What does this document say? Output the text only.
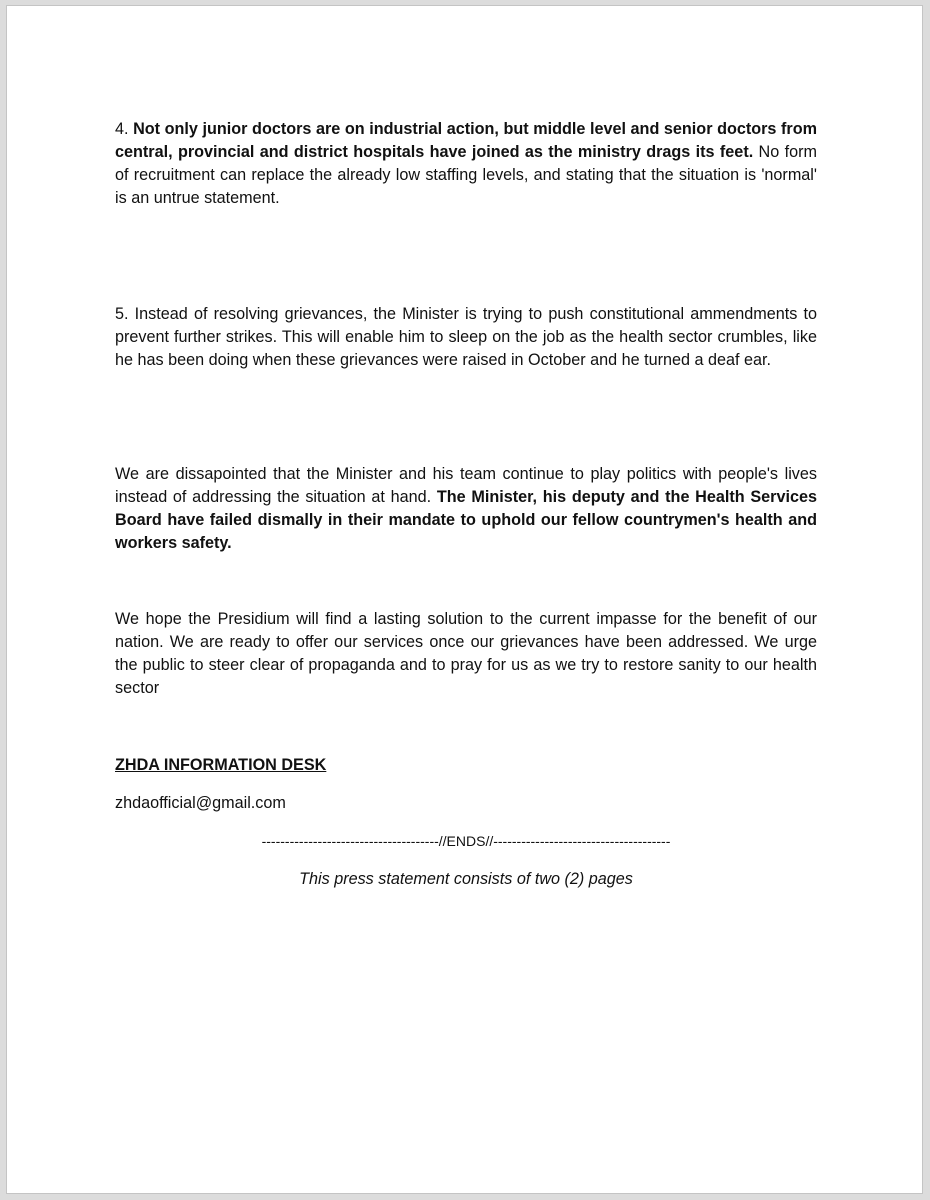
4. Not only junior doctors are on industrial action, but middle level and senior doctors from central, provincial and district hospitals have joined as the ministry drags its feet. No form of recruitment can replace the already low staffing levels, and stating that the situation is 'normal' is an untrue statement.

5. Instead of resolving grievances, the Minister is trying to push constitutional ammendments to prevent further strikes. This will enable him to sleep on the job as the health sector crumbles, like he has been doing when these grievances were raised in October and he turned a deaf ear.

We are dissapointed that the Minister and his team continue to play politics with people's lives instead of addressing the situation at hand. The Minister, his deputy and the Health Services Board have failed dismally in their mandate to uphold our fellow countrymen's health and workers safety.

We hope the Presidium will find a lasting solution to the current impasse for the benefit of our nation. We are ready to offer our services once our grievances have been addressed. We urge the public to steer clear of propaganda and to pray for us as we try to restore sanity to our health sector

ZHDA INFORMATION DESK

zhdaofficial@gmail.com

--------------------------------------//ENDS//--------------------------------------

This press statement consists of two (2) pages
